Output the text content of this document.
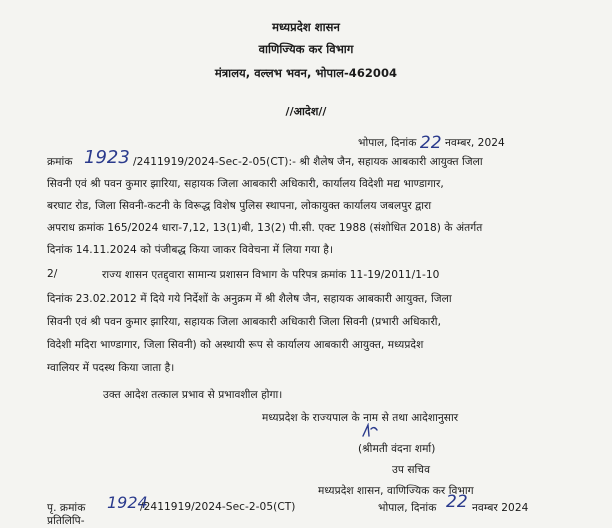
मध्यप्रदेश शासन
वाणिज्यिक कर विभाग
मंत्रालय, वल्लभ भवन, भोपाल-462004
//आदेश//
भोपाल, दिनांक 22 नवम्बर, 2024
क्रमांक 1923 /2411919/2024-Sec-2-05(CT):- श्री शैलेष जैन, सहायक आबकारी आयुक्त जिला
सिवनी एवं श्री पवन कुमार झारिया, सहायक जिला आबकारी अधिकारी, कार्यालय विदेशी मद्य भाण्डागार,
बरघाट रोड, जिला सिवनी-कटनी के विरूद्ध विशेष पुलिस स्थापना, लोकायुक्त कार्यालय जबलपुर द्वारा
अपराध क्रमांक 165/2024 धारा-7,12, 13(1)बी, 13(2) पी.सी. एक्ट 1988 (संशोधित 2018) के अंतर्गत
दिनांक 14.11.2024 को पंजीबद्ध किया जाकर विवेचना में लिया गया है।
2/	राज्य शासन एतद्द्वारा सामान्य प्रशासन विभाग के परिपत्र क्रमांक 11-19/2011/1-10
दिनांक 23.02.2012 में दिये गये निर्देशों के अनुक्रम में श्री शैलेष जैन, सहायक आबकारी आयुक्त, जिला
सिवनी एवं श्री पवन कुमार झारिया, सहायक जिला आबकारी अधिकारी जिला सिवनी (प्रभारी अधिकारी,
विदेशी मदिरा भाण्डागार, जिला सिवनी) को अस्थायी रूप से कार्यालय आबकारी आयुक्त, मध्यप्रदेश
ग्वालियर में पदस्थ किया जाता है।
उक्त आदेश तत्काल प्रभाव से प्रभावशील होगा।
मध्यप्रदेश के राज्यपाल के नाम से तथा आदेशानुसार
(श्रीमती वंदना शर्मा)
उप सचिव
मध्यप्रदेश शासन, वाणिज्यिक कर विभाग
पृ. क्रमांक 1924
/2411919/2024-Sec-2-05(CT)	भोपाल, दिनांक 22 नवम्बर 2024
प्रतिलिपि-
